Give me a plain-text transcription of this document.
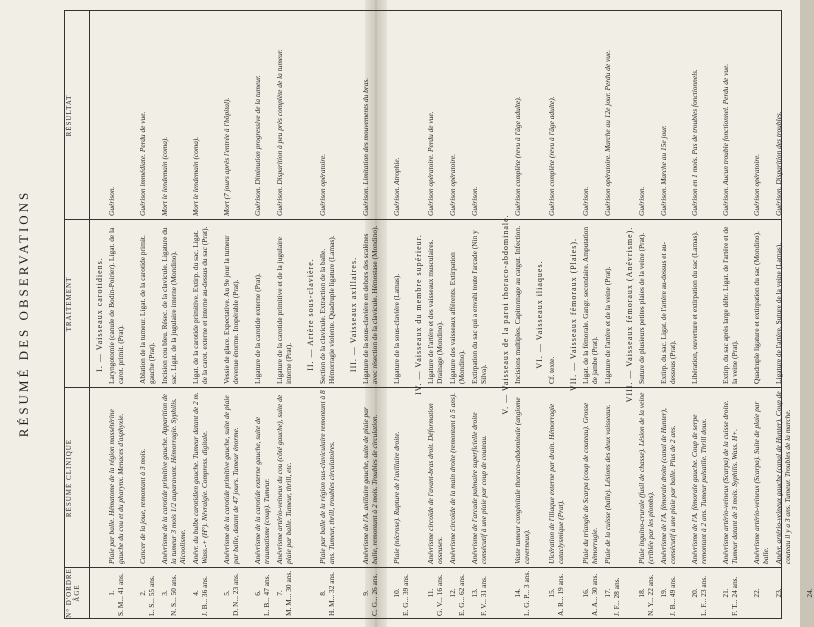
RÉSUMÉ DES OBSERVATIONS
N° D'ORDRE ÂGE
RÉSUMÉ CLINIQUE
TRAITEMENT
RÉSULTAT
I. — Vaisseaux carotidiens.
1. S. M... 41 ans.
Plaie par balle. Hématome de la région massétérine gauche du cou et du pharynx. Menaces d'asphyxie.
Laryngotomie (canule de Bodin-Poirier). Ligat. de la carot. primit. (Prat).
Guérison.
2. L. S... 55 ans.
Cancer de la joue, remontant à 3 mois.
Ablation de la tumeur. Ligat. de la carotide primit. gauche (Prat).
Guérison immédiate. Perdu de vue.
3. N. S... 50 ans.
Anévrisme de la carotide primitive gauche. Apparition de la tumeur 3 mois 1/2 auparavant. Hémorragie. Syphilis. Alcoolisme.
Incision cou bleu. Résec. de la clavicule. Ligature du sac. Ligat. de la jugulaire interne (Mondino).
Mort le lendemain (coma).
4. J. B... 36 ans.
Anévr. du bulbe carotidien gauche. Tumeur datant de 2 m. Wass.-+ (H°). Névralgie. Compress. digitale.
Ligat. de la carotide primitive. Extirp. du sac. Ligat. de la carot. externe et interne au-dessus du sac (Prat).
Mort le lendemain (coma).
5. D. N... 23 ans.
Anévrisme de la carotide primitive gauche, suite de plaie par balle, datant de 47 jours. Tumeur énorme.
Vessie de glace. Expectative. Au 9e jour la tumeur devenue énorme. Inopérable (Prat).
Mort (7 jours après l'entrée à l'hôpital).
6. L. B... 47 ans.
Anévrisme de la carotide externe gauche, suite de traumatisme (coup). Tumeur.
Ligature de la carotide externe (Prat).
Guérison. Diminution progressive de la tumeur.
7. M. M... 30 ans.
Anévrisme artério-veineux du cou (côté gauche), suite de plaie par balle. Tumeur, thrill, etc.
Ligature de la carotide primitive et de la jugulaire interne (Prat).
Guérison. Disparition à peu près complète de la tumeur.
II. — Artère sous-clavière.
8. H. M... 32 ans.
Plaie par balle de la région sus-claviculaire remontant à 8 ans. Tumeur, thrill, troubles circulatoires.
Section de la clavicule. Extraction de la balle. Hémorragie violente. Quadruple ligature (Lamas).
Guérison opératoire.
III. — Vaisseaux axillaires.
9. C. G... 26 ans.
Anévrisme de l'A. axillaire gauche, suite de plaie par balle, remontant à 2 mois. Troubles de circulation.
Ligature de la sous-clavière en dehors des scalènes avec résection de la clavicule. Hémostase (Mondino).
Guérison. Limitation des mouvements du bras.
10. E. G... 39 ans.
Plaie (nécrose). Rupture de l'axillaire droite.
Ligature de la sous-clavière (Lamas).
Guérison. Atrophie.
IV. — Vaisseaux du membre supérieur.
11. G. V... 16 ans.
Anévrisme circoïde de l'avant-bras droit. Déformation osseuses.
Ligature de l'artère et des vaisseaux musculaires. Drainage (Mondino).
Guérison opératoire. Perdu de vue.
12. E. G... 62 ans.
Anévrisme circoïde de la main droite (remontant à 5 ans).
Ligature des vaisseaux afférents. Extirpation (Mondino).
Guérison opératoire.
13. F. V... 31 ans.
Anévrisme de l'arcade palmaire superficielle droite consécutif à une plaie par coup de couteau.
Extirpation du sac qui a envahi toute l'arcade (Nin y Silva).
Guérison.
V. — Vaisseaux de la paroi thoraco-abdominale.
14. L. G. P... 3 ans.
Vaste tumeur congénitale thoraco-abdominale (angiome caverneux).
Incisions multiples. Capitonnage au catgut. Infection.
Guérison complète (revu à l'âge adulte).
VI. — Vaisseaux iliaques.
15. A. R... 19 ans.
Ulcération de l'iliaque externe par drain. Hémorragie cataclysmique (Prat).
Cf. texte.
Guérison complète (revu à l'âge adulte).
VII. — Vaisseaux fémoraux (Plaies).
16. A. A... 30 ans.
Plaie du triangle de Scarpa (coup de couteau). Grosse hémorragie.
Ligat. de la fémorale. Gangr. secondaire. Amputation de jambe (Prat).
Guérison.
17. J. F... 28 ans.
Plaie de la cuisse (balle). Lésions des deux vaisseaux.
Ligature de l'artère et de la veine (Prat).
Guérison opératoire. Marche au 12e jour. Perdu de vue.
VIII. — Vaisseaux fémoraux (Anévrisme).
18. N. Y... 22 ans.
Plaie inguino-crurale (fusil de chasse). Lésion de la veine (criblée par les plombs).
Suture de plusieurs petites plaies de la veine (Prat).
Guérison.
19. J. B... 49 ans.
Anévrisme de l'A. fémorale droite (canal de Hunter), consécutif à une plaie par balle. Plus de 2 ans.
Extirp. du sac. Ligat. de l'artère au-dessus et au-dessous (Prat).
Guérison. Marche au 15e jour.
20. L. F... 23 ans.
Anévrisme de l'A. fémorale gauche. Coup de serpe remontant à 2 ans. Tumeur pulsatile. Thrill doux.
Libération, ouverture et extirpation du sac (Lamas).
Guérison en 1 mois. Pas de troubles fonctionnels.
21. F. T... 24 ans.
Anévrisme artério-veineux (Scarpa) de la cuisse droite. Tumeur datant de 3 mois. Syphilis. Wass. H+.
Extirp. du sac après large débr. Ligat. de l'artère et de la veine (Prat).
Guérison. Aucun trouble fonctionnel. Perdu de vue.
22.
Anévrisme artério-veineux (Scarpa). Suite de plaie par balle.
Quadruple ligature et extirpation du sac (Mondino).
Guérison opératoire.
23.
Anévr. artério-veineux gauche (canal de Hunter). Coup de couteau il y a 3 ans. Tumeur. Troubles de la marche.
Ligature de l'artère. Suture de la veine (Lamas).
Guérison. Disparition des troubles.
24.
